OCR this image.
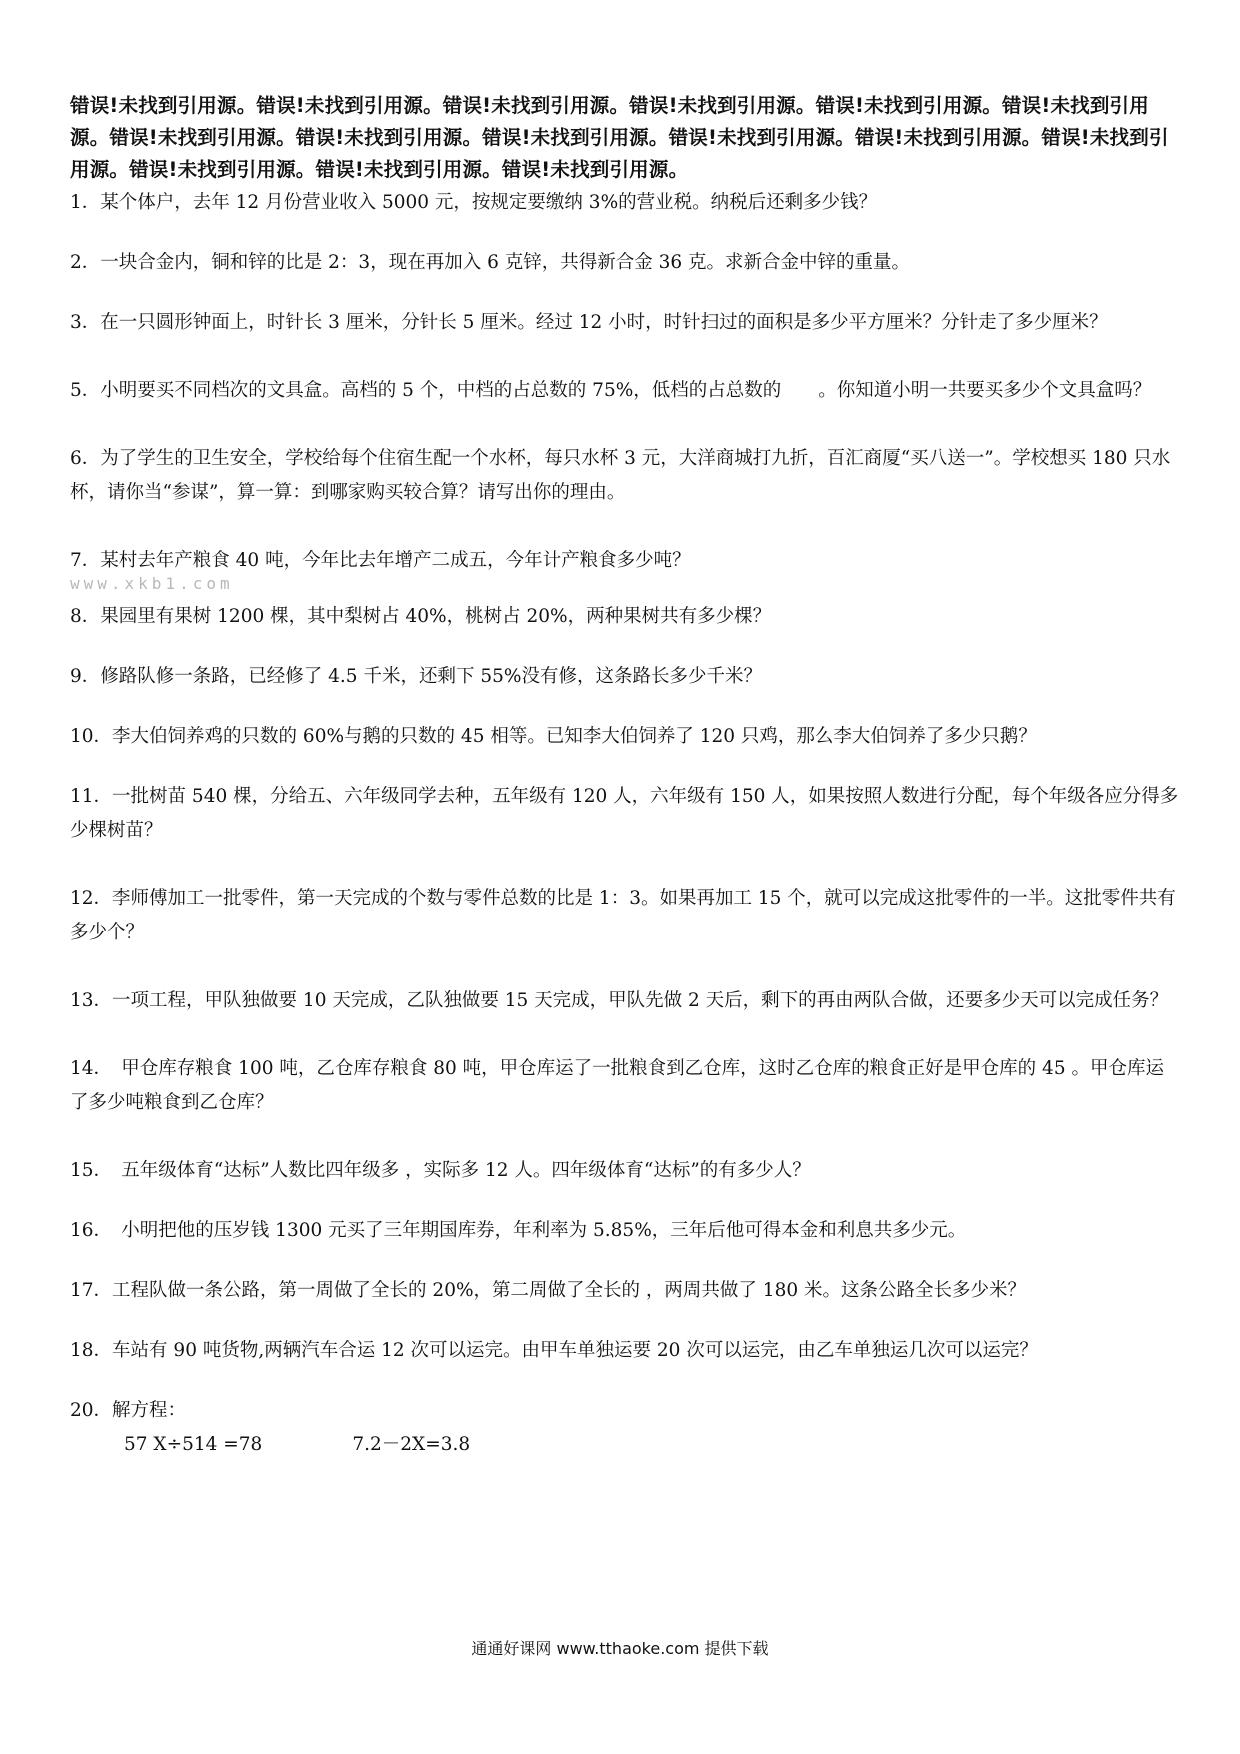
错误!未找到引用源。错误!未找到引用源。错误!未找到引用源。错误!未找到引用源。错误!未找到引用源。错误!未找到引用源。错误!未找到引用源。错误!未找到引用源。错误!未找到引用源。错误!未找到引用源。错误!未找到引用源。错误!未找到引用源。错误!未找到引用源。错误!未找到引用源。错误!未找到引用源。

1．某个体户，去年 12 月份营业收入 5000 元，按规定要缴纳 3%的营业税。纳税后还剩多少钱？

2．一块合金内，铜和锌的比是 2：3，现在再加入 6 克锌，共得新合金 36 克。求新合金中锌的重量。

3．在一只圆形钟面上，时针长 3 厘米，分针长 5 厘米。经过 12 小时，时针扫过的面积是多少平方厘米？分针走了多少厘米？

5．小明要买不同档次的文具盒。高档的 5 个，中档的占总数的 75%，低档的占总数的　　。你知道小明一共要买多少个文具盒吗？

6．为了学生的卫生安全，学校给每个住宿生配一个水杯，每只水杯 3 元，大洋商城打九折，百汇商厦“买八送一”。学校想买 180 只水杯，请你当“参谋”，算一算：到哪家购买较合算？请写出你的理由。

7．某村去年产粮食 40 吨，今年比去年增产二成五，今年计产粮食多少吨？

www.xkb1.com

8．果园里有果树 1200 棵，其中梨树占 40%，桃树占 20%，两种果树共有多少棵？

9．修路队修一条路，已经修了 4.5 千米，还剩下 55%没有修，这条路长多少千米？

10．李大伯饲养鸡的只数的 60%与鹅的只数的 45 相等。已知李大伯饲养了 120 只鸡，那么李大伯饲养了多少只鹅？

11．一批树苗 540 棵，分给五、六年级同学去种，五年级有 120 人，六年级有 150 人，如果按照人数进行分配，每个年级各应分得多少棵树苗？

12．李师傅加工一批零件，第一天完成的个数与零件总数的比是 1：3。如果再加工 15 个，就可以完成这批零件的一半。这批零件共有多少个？

13．一项工程，甲队独做要 10 天完成，乙队独做要 15 天完成，甲队先做 2 天后，剩下的再由两队合做，还要多少天可以完成任务？

14．　甲仓库存粮食 100 吨，乙仓库存粮食 80 吨，甲仓库运了一批粮食到乙仓库，这时乙仓库的粮食正好是甲仓库的 45 。甲仓库运了多少吨粮食到乙仓库？

15．　五年级体育“达标”人数比四年级多 ，实际多 12 人。四年级体育“达标”的有多少人？

16．　小明把他的压岁钱 1300 元买了三年期国库券，年利率为 5.85%，三年后他可得本金和利息共多少元。

17．工程队做一条公路，第一周做了全长的 20%，第二周做了全长的 ，两周共做了 180 米。这条公路全长多少米？

18．车站有 90 吨货物,两辆汽车合运 12 次可以运完。由甲车单独运要 20 次可以运完，由乙车单独运几次可以运完？

20．解方程：

57 X÷514 =78	7.2－2X=3.8
通通好课网 www.tthaoke.com 提供下载
